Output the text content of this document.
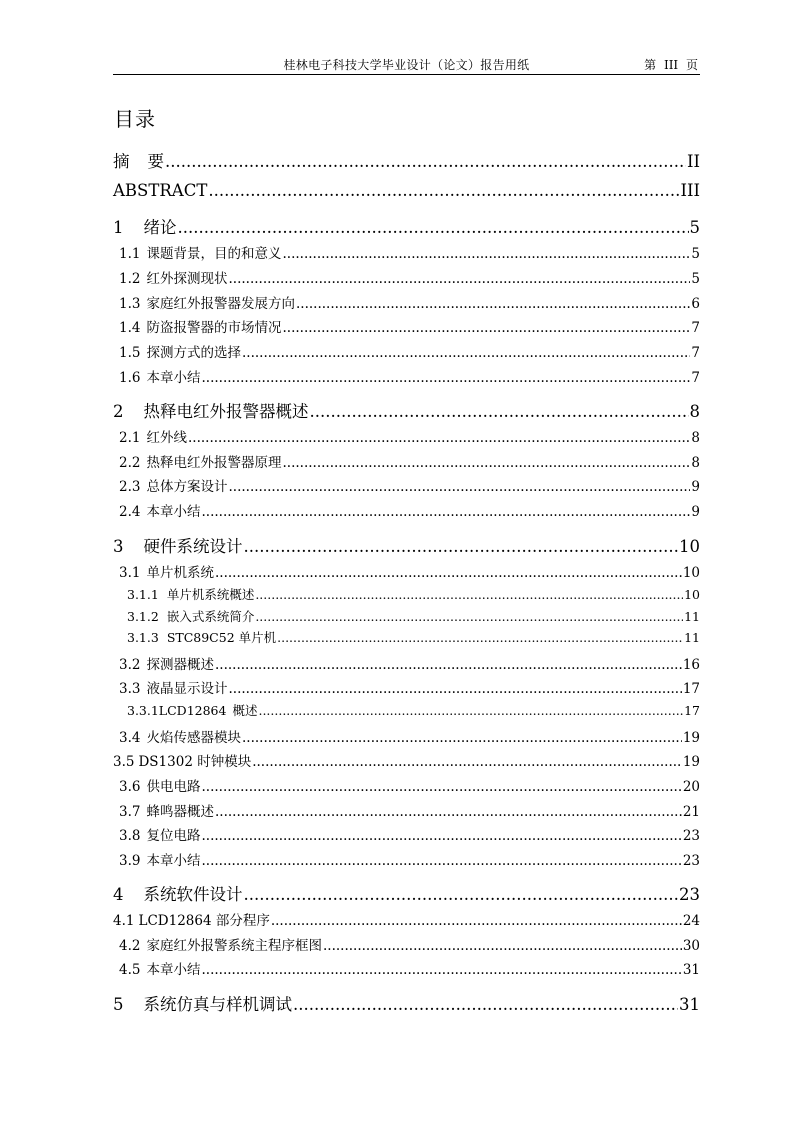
桂林电子科技大学毕业设计（论文）报告用纸	第 III 页
目录
摘 要 .....	II
ABSTRACT .....	III
1 绪论 .....	5
1.1 课题背景，目的和意义 .....	5
1.2 红外探测现状 .....	5
1.3 家庭红外报警器发展方向 .....	6
1.4 防盗报警器的市场情况 .....	7
1.5 探测方式的选择 .....	7
1.6 本章小结 .....	7
2 热释电红外报警器概述 .....	8
2.1 红外线 .....	8
2.2 热释电红外报警器原理 .....	8
2.3 总体方案设计 .....	9
2.4 本章小结 .....	9
3 硬件系统设计 .....	10
3.1 单片机系统 .....	10
3.1.1 单片机系统概述 .....	10
3.1.2 嵌入式系统简介 .....	11
3.1.3 STC89C52 单片机 .....	11
3.2 探测器概述 .....	16
3.3 液晶显示设计 .....	17
3.3.1LCD12864 概述 .....	17
3.4 火焰传感器模块 .....	19
3.5 DS1302 时钟模块 .....	19
3.6 供电电路 .....	20
3.7 蜂鸣器概述 .....	21
3.8 复位电路 .....	23
3.9 本章小结 .....	23
4 系统软件设计 .....	23
4.1 LCD12864 部分程序 .....	24
4.2 家庭红外报警系统主程序框图 .....	30
4.5 本章小结 .....	31
5 系统仿真与样机调试 .....	31
